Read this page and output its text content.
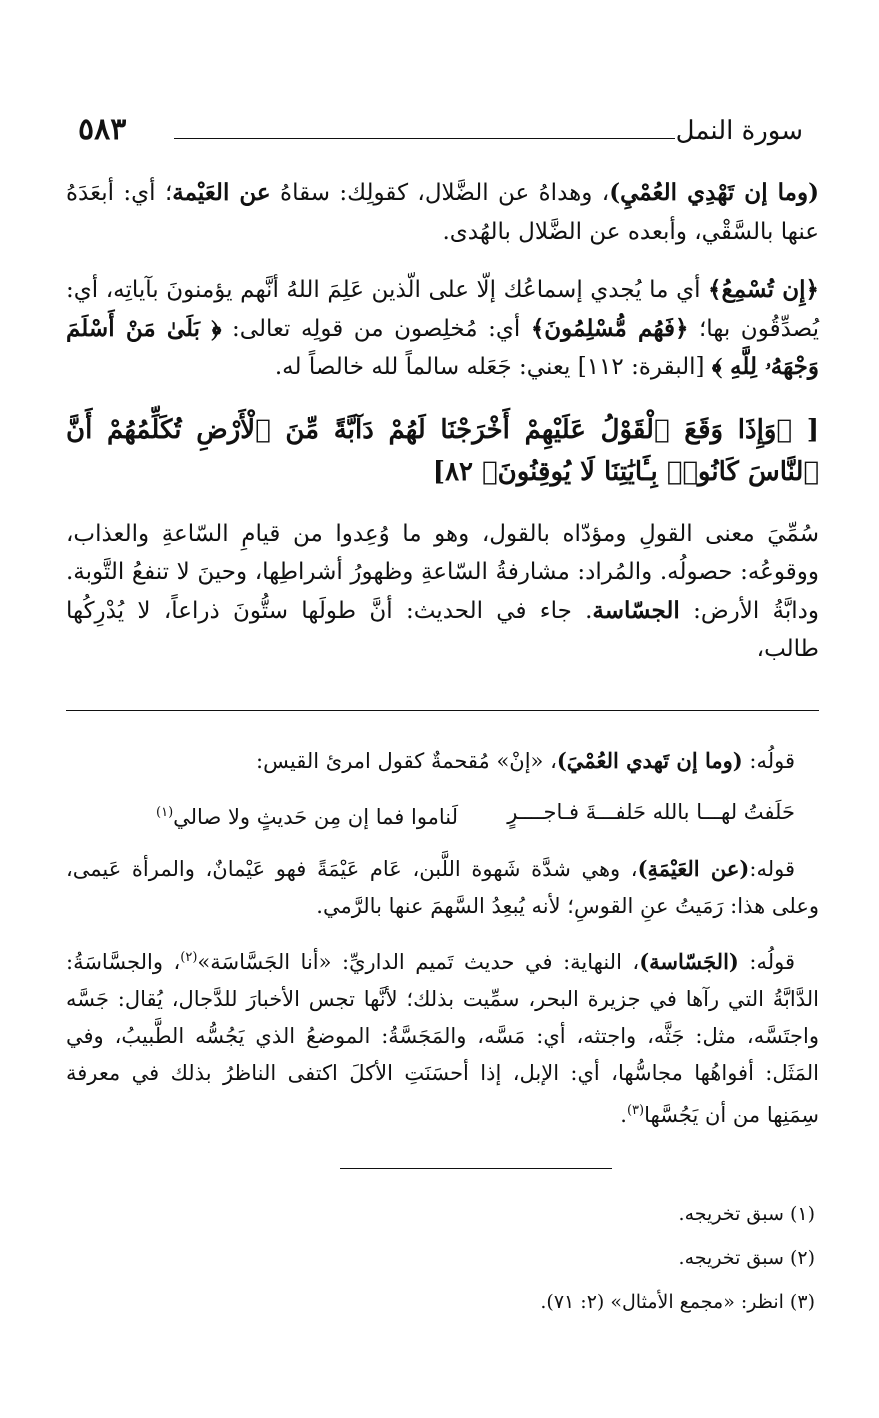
سورة النمل
٥٨٣

(وما إن تَهْدِي العُمْيِ)، وهداهُ عن الضَّلال، كقولِك: سقاهُ عن العَيْمة؛ أي: أبعَدَهُ عنها بالسَّقْي، وأبعده عن الضَّلال بالهُدى.

﴿إِن تُسْمِعُ﴾ أي ما يُجدي إسماعُك إلّا على الّذين عَلِمَ اللهُ أنَّهم يؤمنونَ بآياتِه، أي: يُصدِّقُون بها؛ ﴿فَهُم مُّسْلِمُونَ﴾ أي: مُخلِصون من قولِه تعالى: ﴿ بَلَىٰ مَنْ أَسْلَمَ وَجْهَهُۥ لِلَّهِ ﴾ [البقرة: ١١٢] يعني: جَعَله سالماً لله خالصاً له.

[ ﴿وَإِذَا وَقَعَ ٱلْقَوْلُ عَلَيْهِمْ أَخْرَجْنَا لَهُمْ دَآبَّةً مِّنَ ٱلْأَرْضِ تُكَلِّمُهُمْ أَنَّ ٱلنَّاسَ كَانُوا۟ بِـَٔايَٰتِنَا لَا يُوقِنُونَ﴾ ٨٢]

سُمِّيَ معنى القولِ ومؤدّاه بالقول، وهو ما وُعِدوا من قيامِ السّاعةِ والعذاب، ووقوعُه: حصولُه. والمُراد: مشارفةُ السّاعةِ وظهورُ أشراطِها، وحينَ لا تنفعُ التَّوبة. ودابَّةُ الأرض: الجسّاسة. جاء في الحديث: أنَّ طولَها ستُّونَ ذراعاً، لا يُدْرِكُها طالب،

قولُه: (وما إن تَهدي العُمْيَ)، «إنْ» مُقحمةٌ كقول امرئ القيس:

حَلَفتُ لهـــا بالله حَلفـــةَ فـاجــــرٍ
لَناموا فما إن مِن حَديثٍ ولا صالي$^{(١)}$

قوله:(عن العَيْمَةِ)، وهي شدَّة شَهوة اللَّبن، عَام عَيْمَةً فهو عَيْمانٌ، والمرأة عَيمى، وعلى هذا: رَمَيتُ عنِ القوسِ؛ لأنه يُبعِدُ السَّهمَ عنها بالرَّمي.

قولُه: (الجَسّاسة)، النهاية: في حديث تَميم الداريِّ: «أنا الجَسَّاسَة»$^{(٢)}$، والجسَّاسَةُ: الدَّابَّةُ التي رآها في جزيرة البحر، سمِّيت بذلك؛ لأنَّها تجس الأخبارَ للدَّجال، يُقال: جَسَّه واجتَسَّه، مثل: جَثَّه، واجتثه، أي: مَسَّه، والمَجَسَّةُ: الموضعُ الذي يَجُسُّه الطَّبيبُ، وفي المَثَل: أفواهُها مجاسُّها، أي: الإبل، إذا أحسَنَتِ الأكلَ اكتفى الناظرُ بذلك في معرفة سِمَنِها من أن يَجُسَّها$^{(٣)}$.

(١) سبق تخريجه.
(٢) سبق تخريجه.
(٣) انظر: «مجمع الأمثال» (٢: ٧١).
